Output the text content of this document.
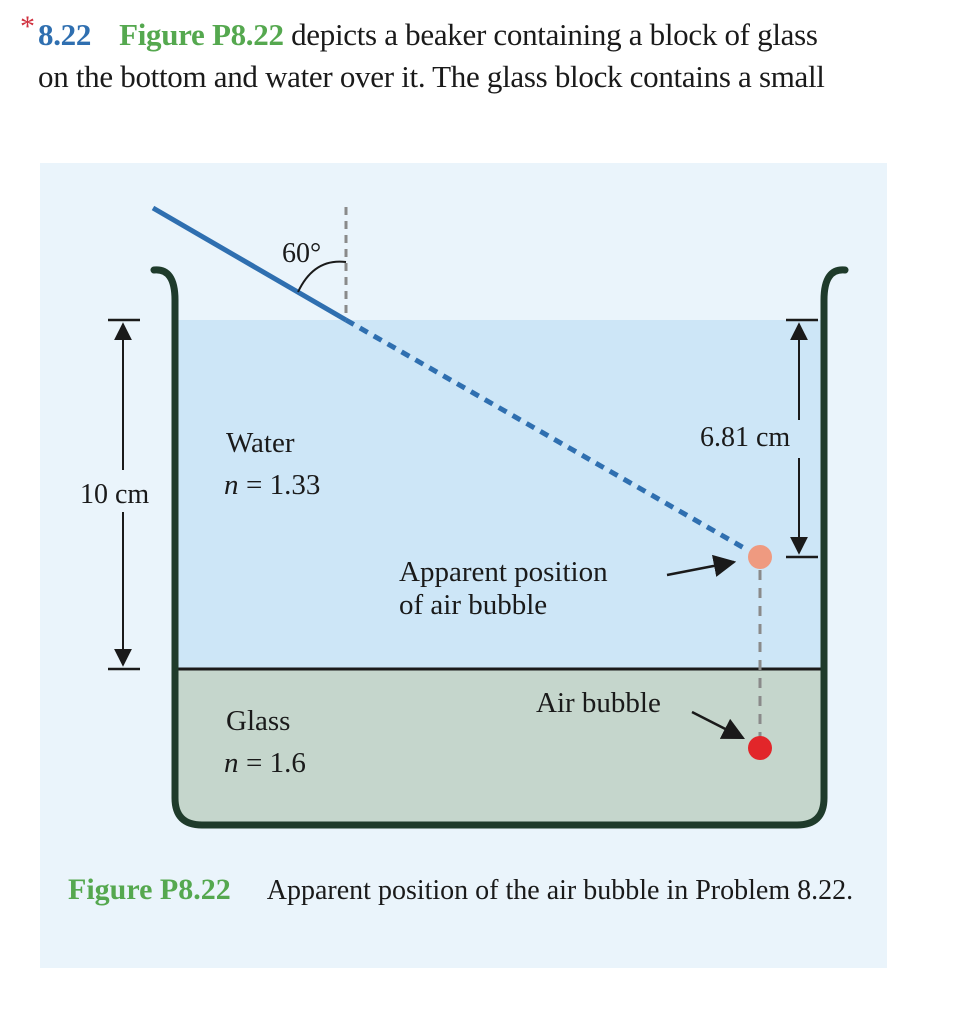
* 8.22 Figure P8.22 depicts a beaker containing a block of glass
on the bottom and water over it. The glass block contains a small
60°
10 cm
6.81 cm
Water
n = 1.33
Glass
n = 1.6
Apparent position
of air bubble
Air bubble
Figure P8.22 Apparent position of the air bubble in Problem 8.22.
